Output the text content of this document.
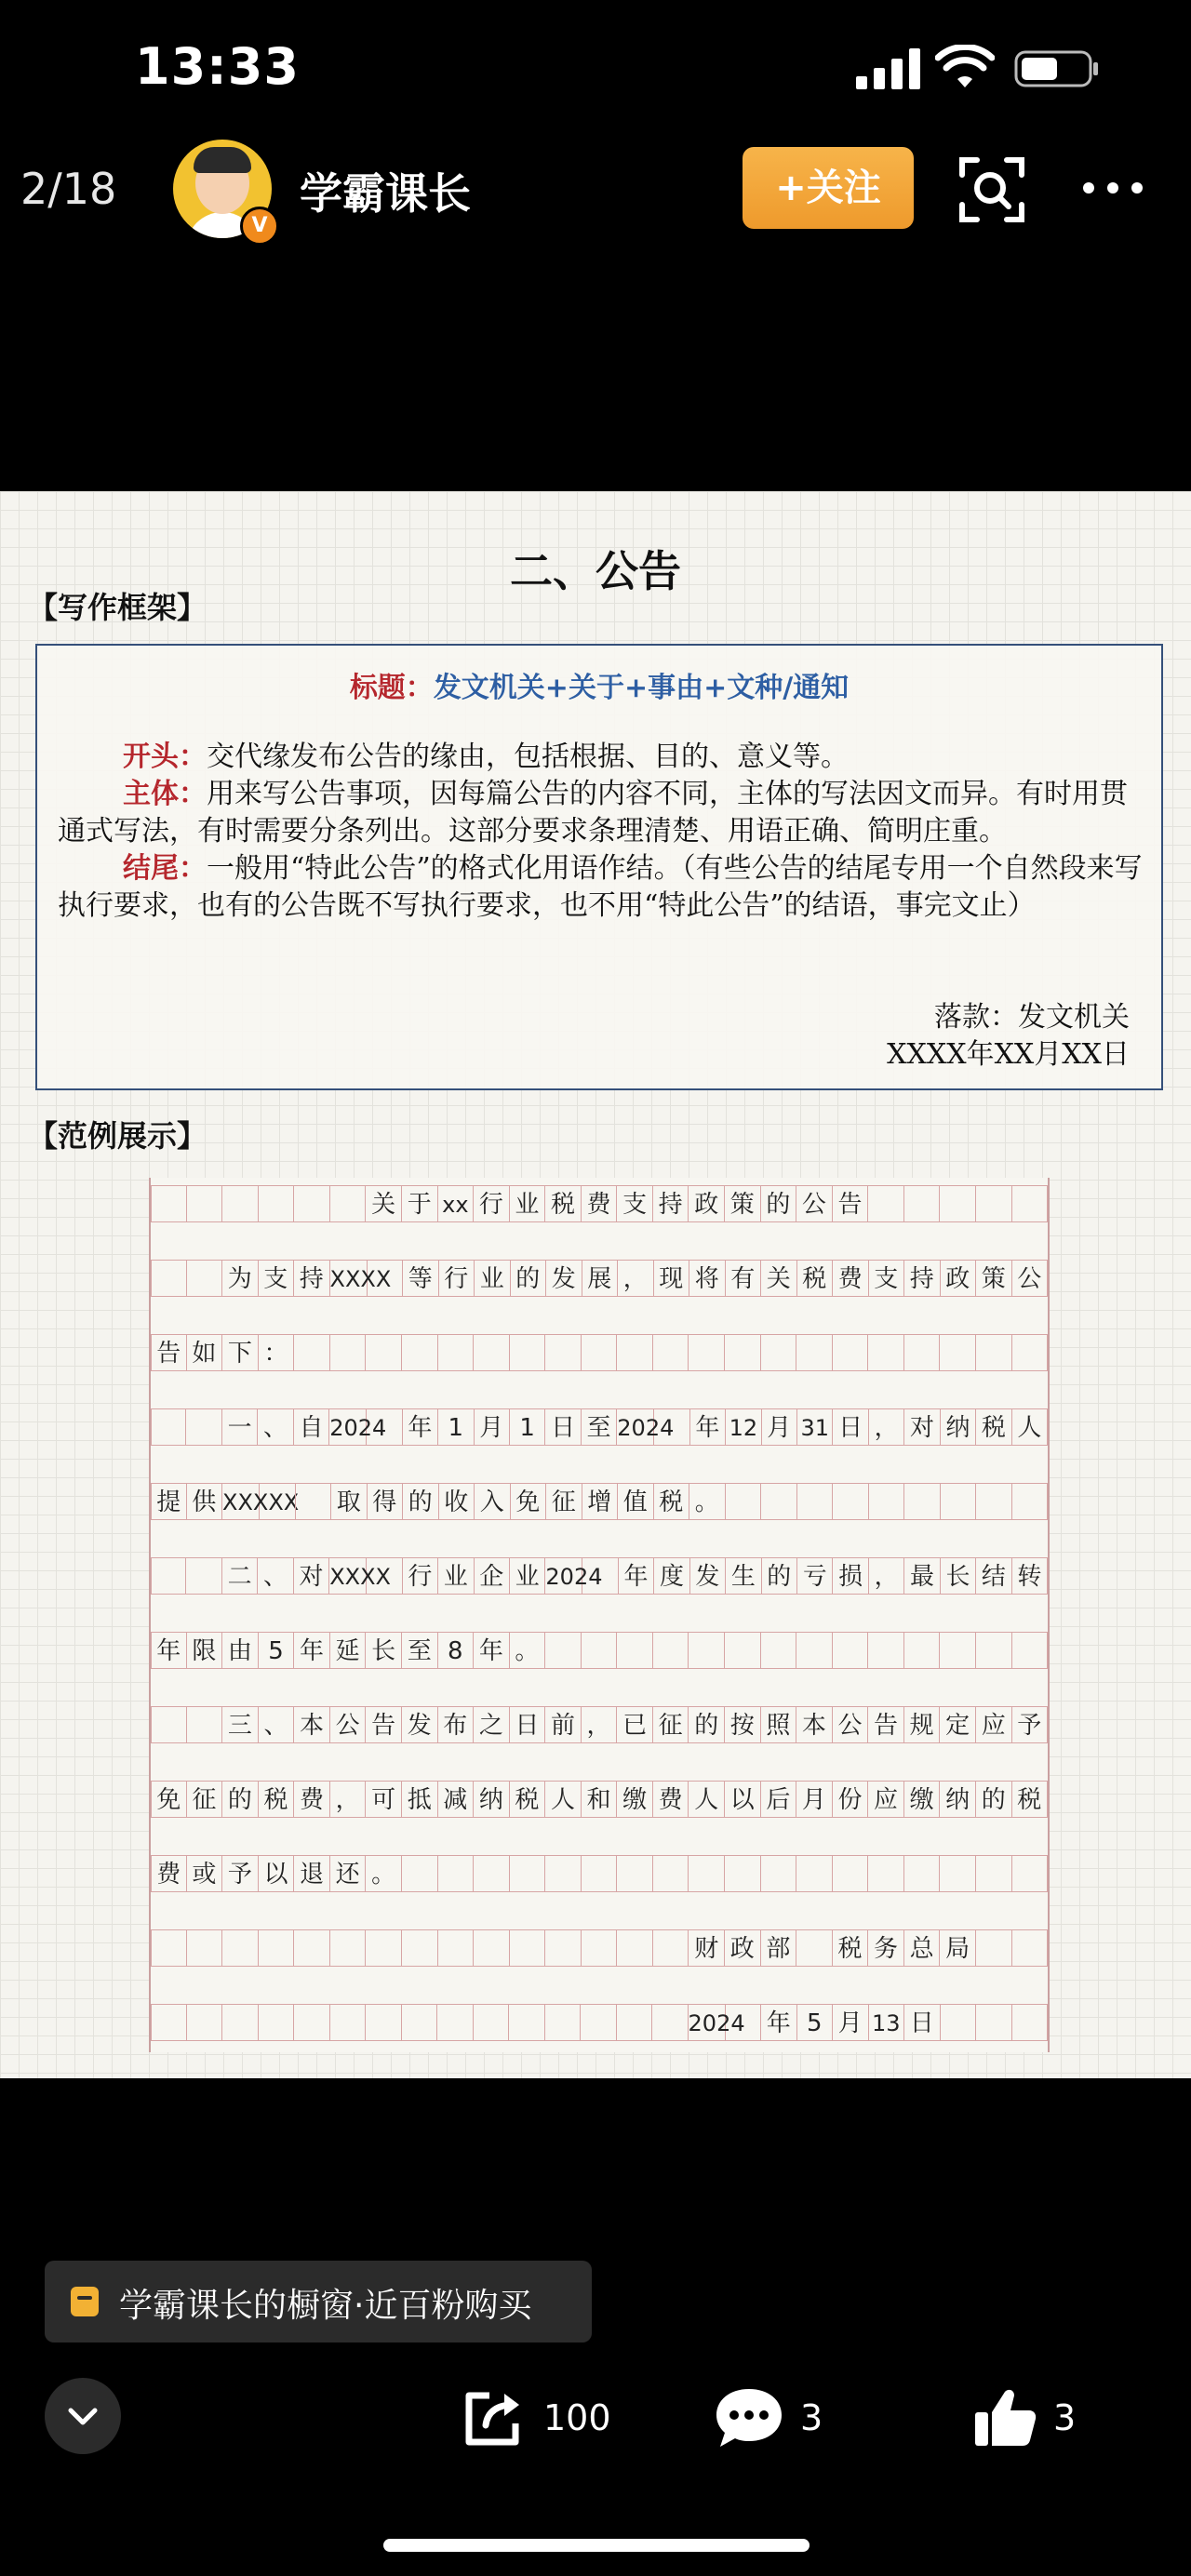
13:33
2/18
V
学霸课长	+关注
二、公告
【写作框架】
标题：发文机关+关于+事由+文种/通知

开头：交代缘发布公告的缘由，包括根据、目的、意义等。

主体：用来写公告事项，因每篇公告的内容不同，主体的写法因文而异。有时用贯通式写法，有时需要分条列出。这部分要求条理清楚、用语正确、简明庄重。

结尾：一般用“特此公告”的格式化用语作结。（有些公告的结尾专用一个自然段来写执行要求，也有的公告既不写执行要求，也不用“特此公告”的结语，事完文止）

落款：发文机关
XXXX年XX月XX日
【范例展示】
关 于 xx 行 业 税 费 支 持 政 策 的 公 告
为 支 持 XXXX 等 行 业 的 发 展 ， 现 将 有 关 税 费 支 持 政 策 公
告 如 下 ：
一 、 自 2024 年 1 月 1 日 至 2024 年 12 月 31 日 ， 对 纳 税 人
提 供 XXXXX 取 得 的 收 入 免 征 增 值 税 。
二 、 对 XXXX 行 业 企 业 2024 年 度 发 生 的 亏 损 ， 最 长 结 转
年 限 由 5 年 延 长 至 8 年 。
三 、 本 公 告 发 布 之 日 前 ， 已 征 的 按 照 本 公 告 规 定 应 予
免 征 的 税 费 ， 可 抵 减 纳 税 人 和 缴 费 人 以 后 月 份 应 缴 纳 的 税
费 或 予 以 退 还 。
财 政 部 税 务 总 局
2024 年 5 月 13 日
学霸课长的橱窗·近百粉购买
100	3	3
